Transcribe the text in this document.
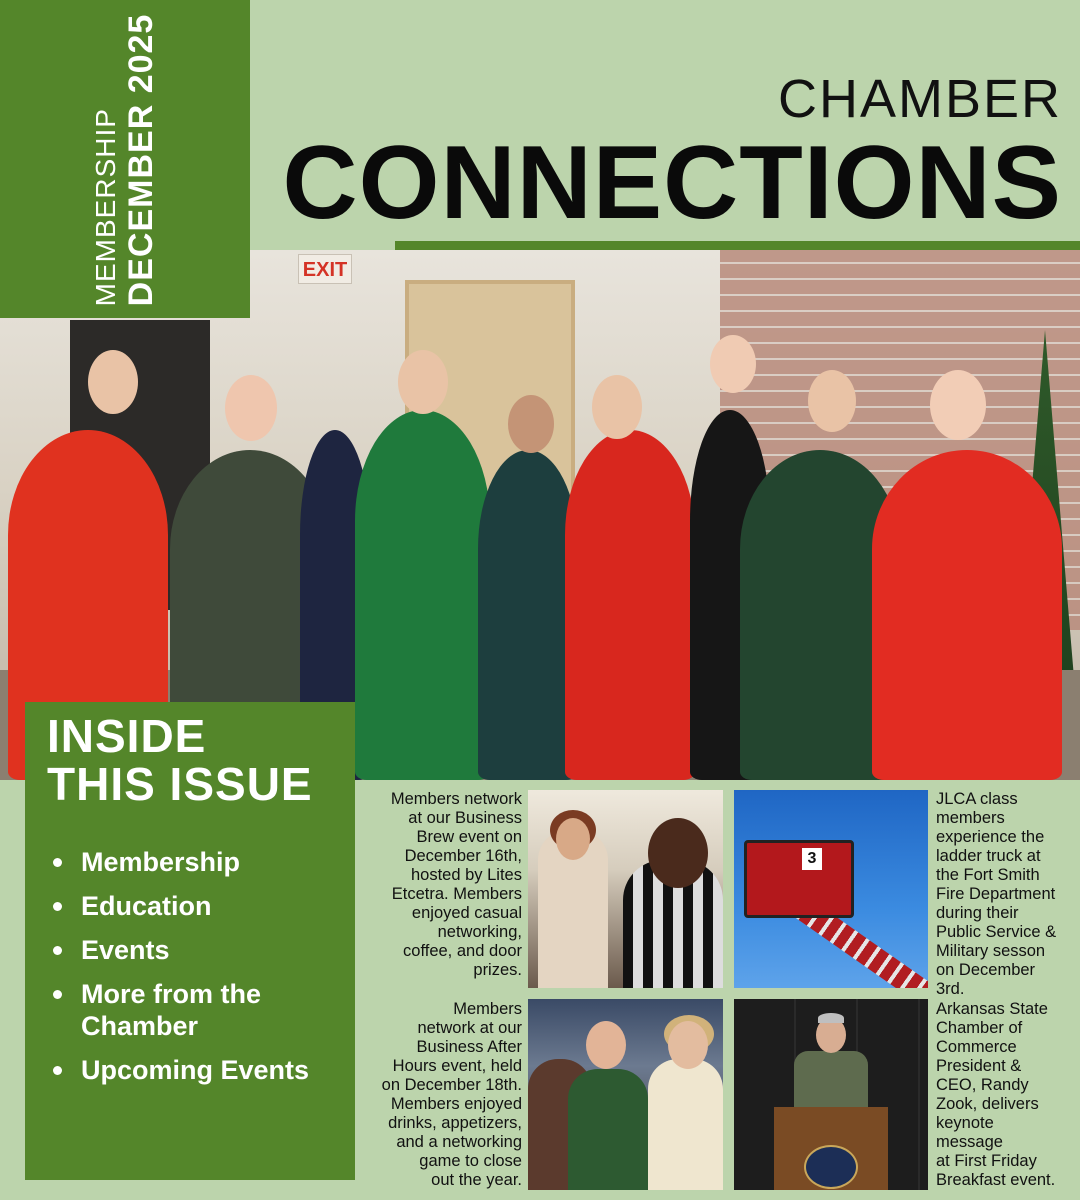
MEMBERSHIP DECEMBER 2025	CHAMBER
CONNECTIONS
EXIT
INSIDE
THIS ISSUE
Membership
Education
Events
More from the Chamber
Upcoming Events
Members network
at our Business
Brew event on
December 16th,
hosted by Lites
Etcetra. Members
enjoyed casual
networking,
coffee, and door
prizes.
3
JLCA class
members
experience the
ladder truck at
the Fort Smith
Fire Department
during their
Public Service &
Military sesson
on December
3rd.
Members
network at our
Business After
Hours event, held
on December 18th.
Members enjoyed
drinks, appetizers,
and a networking
game to close
out the year.
Arkansas State
Chamber of
Commerce
President &
CEO, Randy
Zook, delivers
keynote
message
at First Friday
Breakfast event.
